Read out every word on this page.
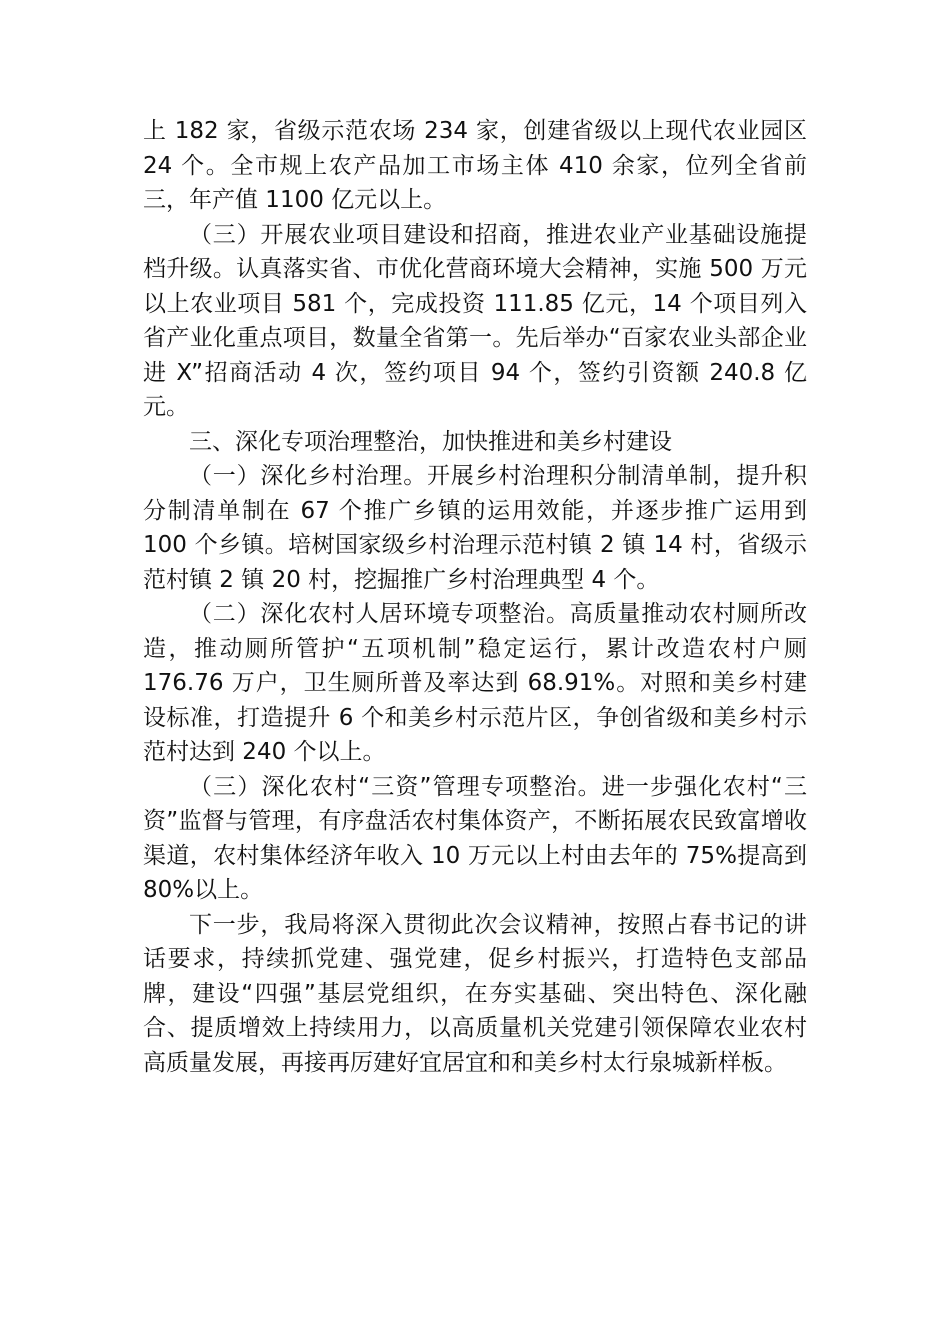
上 182 家，省级示范农场 234 家，创建省级以上现代农业园区 24 个。全市规上农产品加工市场主体 410 余家，位列全省前三，年产值 1100 亿元以上。

（三）开展农业项目建设和招商，推进农业产业基础设施提档升级。认真落实省、市优化营商环境大会精神，实施 500 万元以上农业项目 581 个，完成投资 111.85 亿元，14 个项目列入省产业化重点项目，数量全省第一。先后举办“百家农业头部企业进 X”招商活动 4 次，签约项目 94 个，签约引资额 240.8 亿元。

三、深化专项治理整治，加快推进和美乡村建设

（一）深化乡村治理。开展乡村治理积分制清单制，提升积分制清单制在 67 个推广乡镇的运用效能，并逐步推广运用到 100 个乡镇。培树国家级乡村治理示范村镇 2 镇 14 村，省级示范村镇 2 镇 20 村，挖掘推广乡村治理典型 4 个。

（二）深化农村人居环境专项整治。高质量推动农村厕所改造，推动厕所管护“五项机制”稳定运行，累计改造农村户厕 176.76 万户，卫生厕所普及率达到 68.91%。对照和美乡村建设标准，打造提升 6 个和美乡村示范片区，争创省级和美乡村示范村达到 240 个以上。

（三）深化农村“三资”管理专项整治。进一步强化农村“三资”监督与管理，有序盘活农村集体资产，不断拓展农民致富增收渠道，农村集体经济年收入 10 万元以上村由去年的 75%提高到 80%以上。

下一步，我局将深入贯彻此次会议精神，按照占春书记的讲话要求，持续抓党建、强党建，促乡村振兴，打造特色支部品牌，建设“四强”基层党组织，在夯实基础、突出特色、深化融合、提质增效上持续用力，以高质量机关党建引领保障农业农村高质量发展，再接再厉建好宜居宜和和美乡村太行泉城新样板。
